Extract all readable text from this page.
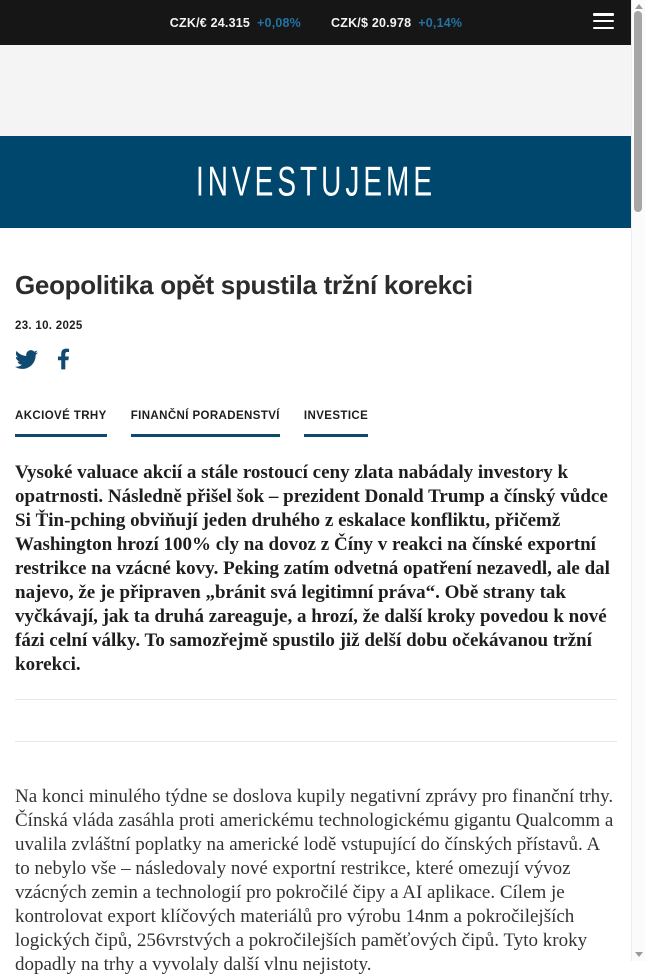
CZK/€ 24.315 +0,08% CZK/$ 20.978 +0,14%
INVESTUJEME
Geopolitika opět spustila tržní korekci
23. 10. 2025
AKCIOVÉ TRHY FINANČNÍ PORADENSTVÍ INVESTICE

Vysoké valuace akcií a stále rostoucí ceny zlata nabádaly investory k opatrnosti. Následně přišel šok – prezident Donald Trump a čínský vůdce Si Ťin-pching obviňují jeden druhého z eskalace konfliktu, přičemž Washington hrozí 100% cly na dovoz z Číny v reakci na čínské exportní restrikce na vzácné kovy. Peking zatím odvetná opatření nezavedl, ale dal najevo, že je připraven „bránit svá legitimní práva“. Obě strany tak vyčkávají, jak ta druhá zareaguje, a hrozí, že další kroky povedou k nové fázi celní války. To samozřejmě spustilo již delší dobu očekávanou tržní korekci.

Na konci minulého týdne se doslova kupily negativní zprávy pro finanční trhy. Čínská vláda zasáhla proti americkému technologickému gigantu Qualcomm a uvalila zvláštní poplatky na americké lodě vstupující do čínských přístavů. A to nebylo vše – následovaly nové exportní restrikce, které omezují vývoz vzácných zemin a technologií pro pokročilé čipy a AI aplikace. Cílem je kontrolovat export klíčových materiálů pro výrobu 14nm a pokročilejších logických čipů, 256vrstvých a pokročilejších paměťových čipů. Tyto kroky dopadly na trhy a vyvolaly další vlnu nejistoty.
